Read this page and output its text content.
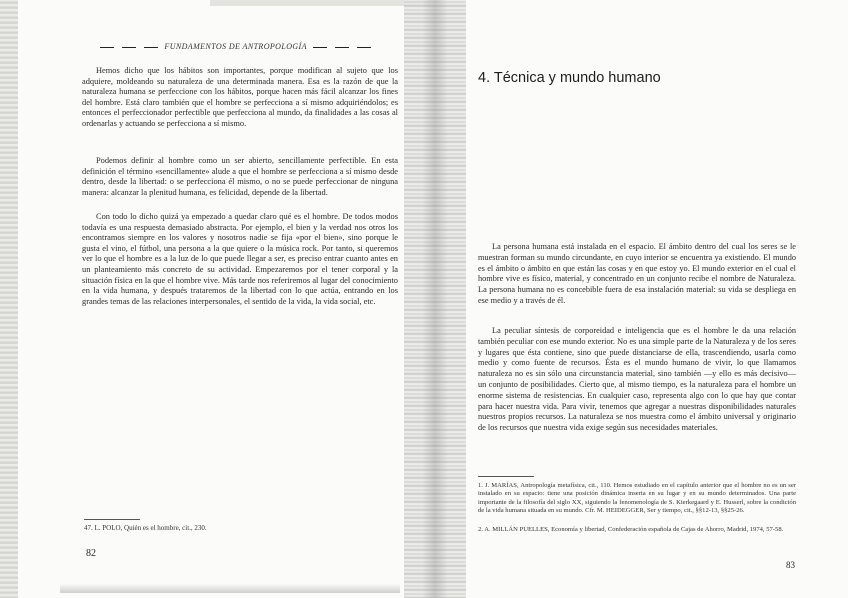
FUNDAMENTOS DE ANTROPOLOGÍA
Hemos dicho que los hábitos son importantes, porque modifican al sujeto que los adquiere, moldeando su naturaleza de una determinada manera. Esa es la razón de que la naturaleza humana se perfeccione con los hábitos, porque hacen más fácil alcanzar los fines del hombre. Está claro también que el hombre se perfecciona a sí mismo adquiriéndolos; es entonces el perfeccionador perfectible que perfecciona al mundo, da finalidades a las cosas al ordenarlas y actuando se perfecciona a sí mismo.
Podemos definir al hombre como un ser abierto, sencillamente perfectible. En esta definición el término «sencillamente» alude a que el hombre se perfecciona a sí mismo desde dentro, desde la libertad: o se perfecciona él mismo, o no se puede perfeccionar de ninguna manera: alcanzar la plenitud humana, es felicidad, depende de la libertad.
Con todo lo dicho quizá ya empezado a quedar claro qué es el hombre. De todos modos todavía es una respuesta demasiado abstracta. Por ejemplo, el bien y la verdad nos otros los encontramos siempre en los valores y nosotros nadie se fija «por el bien», sino porque le gusta el vino, el fútbol, una persona a la que quiere o la música rock. Por tanto, si queremos ver lo que el hombre es a la luz de lo que puede llegar a ser, es preciso entrar cuanto antes en un planteamiento más concreto de su actividad. Empezaremos por el tener corporal y la situación física en la que el hombre vive. Más tarde nos referiremos al lugar del conocimiento en la vida humana, y después trataremos de la libertad con lo que actúa, entrando en los grandes temas de las relaciones interpersonales, el sentido de la vida, la vida social, etc.
47. L. POLO, Quién es el hombre, cit., 230.
82
4. Técnica y mundo humano
La persona humana está instalada en el espacio. El ámbito dentro del cual los seres se le muestran forman su mundo circundante, en cuyo interior se encuentra ya existiendo. El mundo es el ámbito o ámbito en que están las cosas y en que estoy yo. El mundo exterior en el cual el hombre vive es físico, material, y concentrado en un conjunto recibe el nombre de Naturaleza. La persona humana no es concebible fuera de esa instalación material: su vida se despliega en ese medio y a través de él.
La peculiar síntesis de corporeidad e inteligencia que es el hombre le da una relación también peculiar con ese mundo exterior. No es una simple parte de la Naturaleza y de los seres y lugares que ésta contiene, sino que puede distanciarse de ella, trascendiendo, usarla como medio y como fuente de recursos. Ésta es el mundo humano de vivir, lo que llamamos naturaleza no es sin sólo una circunstancia material, sino también —y ello es más decisivo— un conjunto de posibilidades. Cierto que, al mismo tiempo, es la naturaleza para el hombre un enorme sistema de resistencias. En cualquier caso, representa algo con lo que hay que contar para hacer nuestra vida. Para vivir, tenemos que agregar a nuestras disponibilidades naturales nuestros propios recursos. La naturaleza se nos muestra como el ámbito universal y originario de los recursos que nuestra vida exige según sus necesidades materiales.
1. J. MARÍAS, Antropología metafísica, cit., 110. Hemos estudiado en el capítulo anterior que el hombre no es un ser instalado en su espacio: tiene una posición dinámica inserta en su lugar y en su mundo determinados. Una parte importante de la filosofía del siglo XX, siguiendo la fenomenología de S. Kierkegaard y E. Husserl, sobre la condición de la vida humana situada en su mundo. Cfr. M. HEIDEGGER, Ser y tiempo, cit., §§12-13, §§25-26.
2. A. MILLÁN PUELLES, Economía y libertad, Confederación española de Cajas de Ahorro, Madrid, 1974, 57-58.
83
